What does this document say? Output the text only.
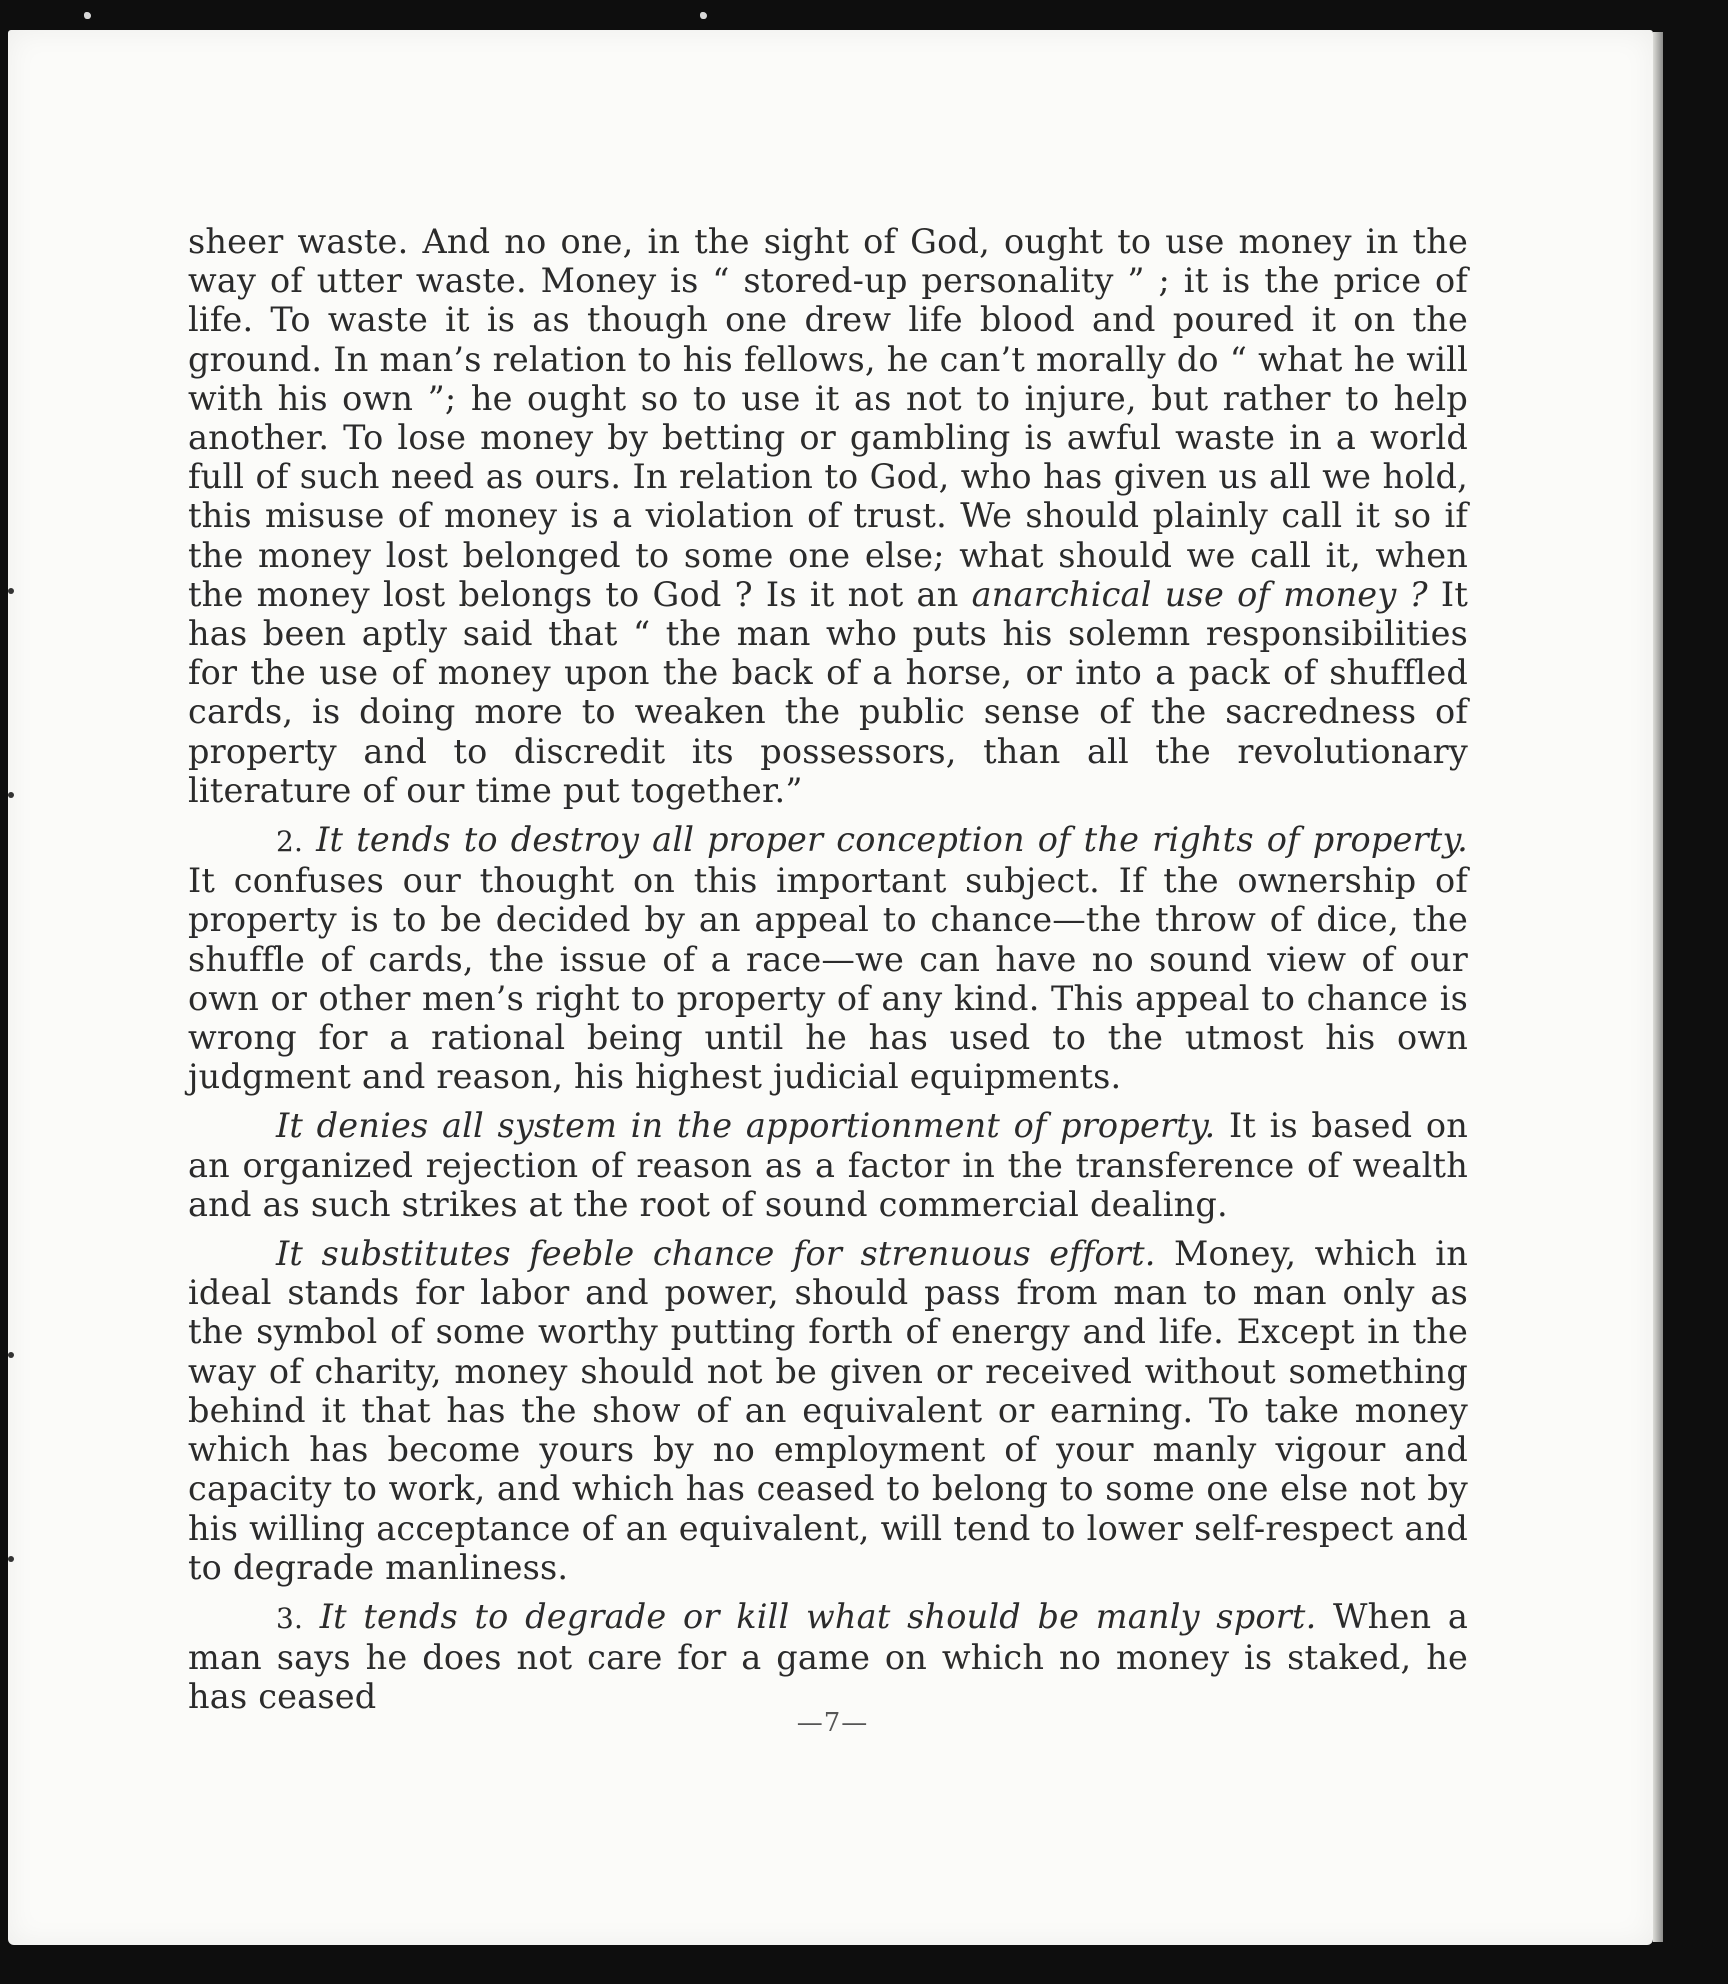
sheer waste. And no one, in the sight of God, ought to use money in the way of utter waste. Money is “ stored-up personality ” ; it is the price of life. To waste it is as though one drew life blood and poured it on the ground. In man’s relation to his fellows, he can’t morally do “ what he will with his own ”; he ought so to use it as not to injure, but rather to help another. To lose money by betting or gambling is awful waste in a world full of such need as ours. In relation to God, who has given us all we hold, this misuse of money is a violation of trust. We should plainly call it so if the money lost belonged to some one else; what should we call it, when the money lost belongs to God ? Is it not an anarchical use of money ? It has been aptly said that “ the man who puts his solemn responsibilities for the use of money upon the back of a horse, or into a pack of shuffled cards, is doing more to weaken the public sense of the sacredness of property and to discredit its possessors, than all the revolutionary literature of our time put together.”

2. It tends to destroy all proper conception of the rights of property. It confuses our thought on this important subject. If the ownership of property is to be decided by an appeal to chance—the throw of dice, the shuffle of cards, the issue of a race—we can have no sound view of our own or other men’s right to property of any kind. This appeal to chance is wrong for a rational being until he has used to the utmost his own judgment and reason, his highest judicial equipments.

It denies all system in the apportionment of property. It is based on an organized rejection of reason as a factor in the transference of wealth and as such strikes at the root of sound commercial dealing.

It substitutes feeble chance for strenuous effort. Money, which in ideal stands for labor and power, should pass from man to man only as the symbol of some worthy putting forth of energy and life. Except in the way of charity, money should not be given or received without something behind it that has the show of an equivalent or earning. To take money which has become yours by no employment of your manly vigour and capacity to work, and which has ceased to belong to some one else not by his willing acceptance of an equivalent, will tend to lower self-respect and to degrade manliness.

3. It tends to degrade or kill what should be manly sport. When a man says he does not care for a game on which no money is staked, he has ceased

—7—
